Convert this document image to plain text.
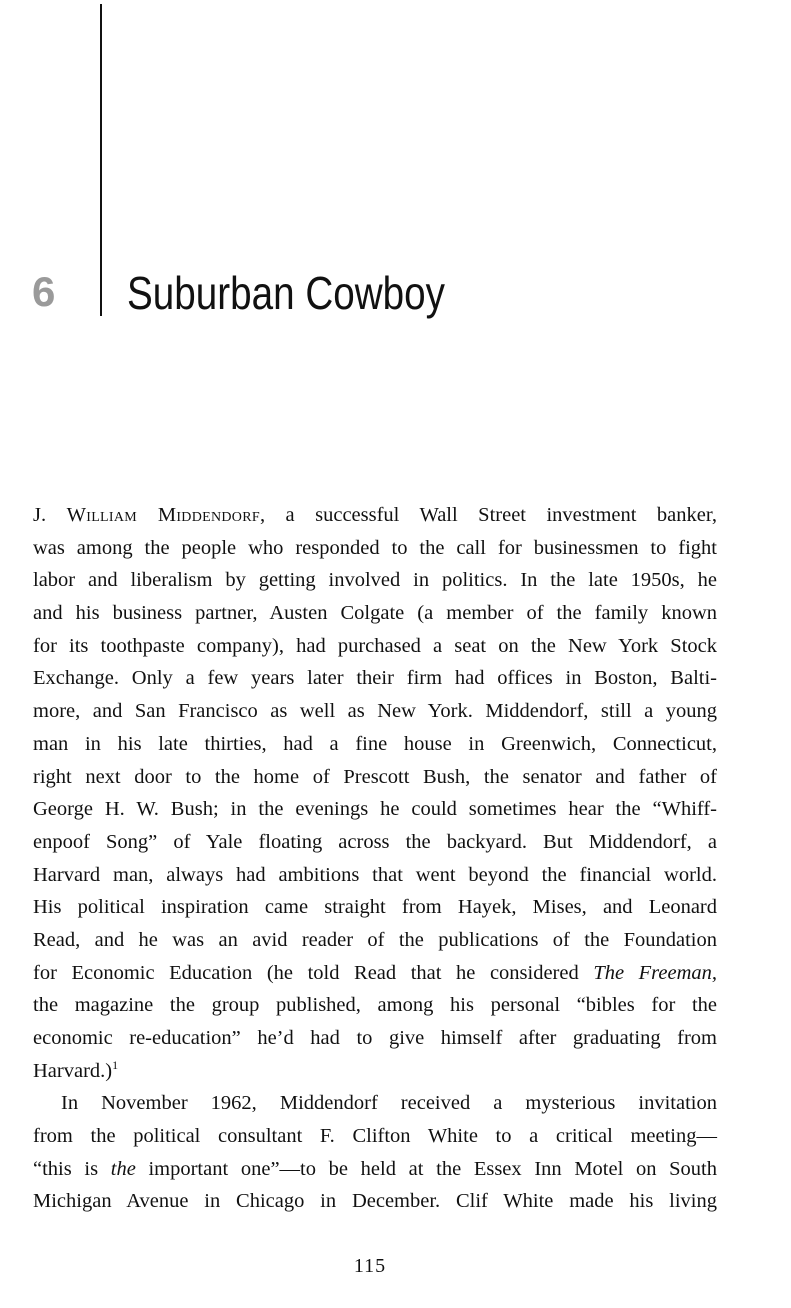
6 Suburban Cowboy
J. William Middendorf, a successful Wall Street investment banker,
was among the people who responded to the call for businessmen to fight
labor and liberalism by getting involved in politics. In the late 1950s, he
and his business partner, Austen Colgate (a member of the family known
for its toothpaste company), had purchased a seat on the New York Stock
Exchange. Only a few years later their firm had offices in Boston, Balti-
more, and San Francisco as well as New York. Middendorf, still a young
man in his late thirties, had a fine house in Greenwich, Connecticut,
right next door to the home of Prescott Bush, the senator and father of
George H. W. Bush; in the evenings he could sometimes hear the “Whiff-
enpoof Song” of Yale floating across the backyard. But Middendorf, a
Harvard man, always had ambitions that went beyond the financial world.
His political inspiration came straight from Hayek, Mises, and Leonard
Read, and he was an avid reader of the publications of the Foundation
for Economic Education (he told Read that he considered The Freeman,
the magazine the group published, among his personal “bibles for the
economic re-education” he’d had to give himself after graduating from
Harvard.)$^1$
In November 1962, Middendorf received a mysterious invitation
from the political consultant F. Clifton White to a critical meeting—
“this is the important one”—to be held at the Essex Inn Motel on South
Michigan Avenue in Chicago in December. Clif White made his living
115
